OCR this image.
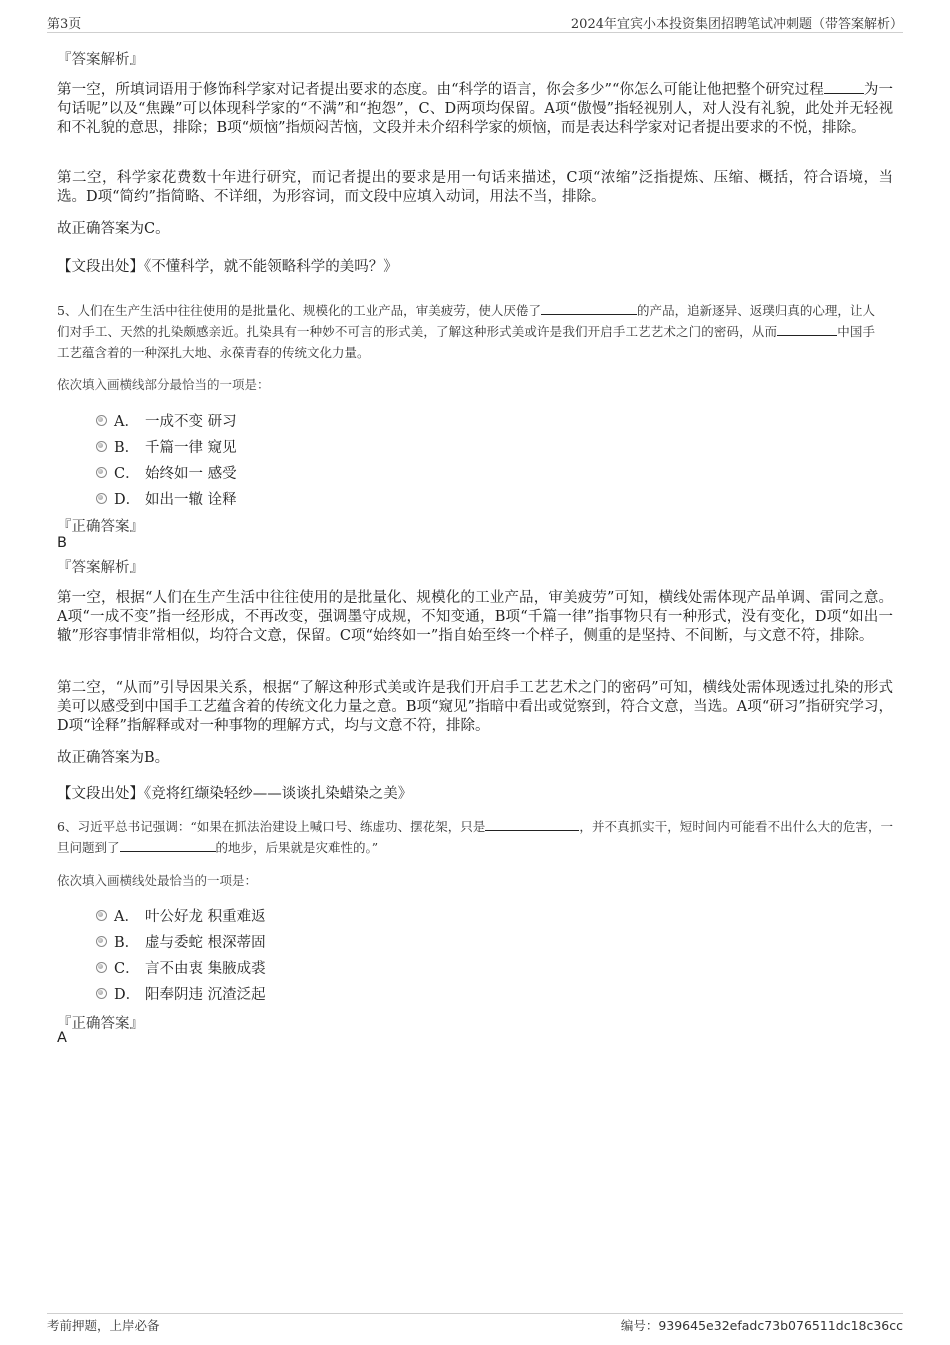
第3页	2024年宜宾小本投资集团招聘笔试冲刺题（带答案解析）
『答案解析』

第一空，所填词语用于修饰科学家对记者提出要求的态度。由“科学的语言，你会多少”“你怎么可能让他把整个研究过程	为一句话呢”以及“焦躁”可以体现科学家的“不满”和“抱怨”，C、D两项均保留。A项“傲慢”指轻视别人，对人没有礼貌，此处并无轻视和不礼貌的意思，排除；B项“烦恼”指烦闷苦恼，文段并未介绍科学家的烦恼，而是表达科学家对记者提出要求的不悦，排除。

第二空，科学家花费数十年进行研究，而记者提出的要求是用一句话来描述，C项“浓缩”泛指提炼、压缩、概括，符合语境，当选。D项“简约”指简略、不详细，为形容词，而文段中应填入动词，用法不当，排除。

故正确答案为C。

【文段出处】《不懂科学，就不能领略科学的美吗？》

5、人们在生产生活中往往使用的是批量化、规模化的工业产品，审美疲劳，使人厌倦了	的产品，追新逐异、返璞归真的心理，让人们对手工、天然的扎染颇感亲近。扎染具有一种妙不可言的形式美，了解这种形式美或许是我们开启手工艺艺术之门的密码，从而	中国手工艺蕴含着的一种深扎大地、永葆青春的传统文化力量。

依次填入画横线部分最恰当的一项是：
A． 一成不变 研习
B． 千篇一律 窥见
C． 始终如一 感受
D． 如出一辙 诠释
『正确答案』
B
『答案解析』

第一空，根据“人们在生产生活中往往使用的是批量化、规模化的工业产品，审美疲劳”可知，横线处需体现产品单调、雷同之意。A项“一成不变”指一经形成，不再改变，强调墨守成规，不知变通，B项“千篇一律”指事物只有一种形式，没有变化，D项“如出一辙”形容事情非常相似，均符合文意，保留。C项“始终如一”指自始至终一个样子，侧重的是坚持、不间断，与文意不符，排除。

第二空，“从而”引导因果关系，根据“了解这种形式美或许是我们开启手工艺艺术之门的密码”可知，横线处需体现透过扎染的形式美可以感受到中国手工艺蕴含着的传统文化力量之意。B项“窥见”指暗中看出或觉察到，符合文意，当选。A项“研习”指研究学习，D项“诠释”指解释或对一种事物的理解方式，均与文意不符，排除。

故正确答案为B。

【文段出处】《竞将红缬染轻纱——谈谈扎染蜡染之美》

6、习近平总书记强调：“如果在抓法治建设上喊口号、练虚功、摆花架，只是	，并不真抓实干，短时间内可能看不出什么大的危害，一旦问题到了	的地步，后果就是灾难性的。”

依次填入画横线处最恰当的一项是：
A． 叶公好龙 积重难返
B． 虚与委蛇 根深蒂固
C． 言不由衷 集腋成裘
D． 阳奉阴违 沉渣泛起
『正确答案』
A
考前押题，上岸必备	编号：939645e32efadc73b076511dc18c36cc
